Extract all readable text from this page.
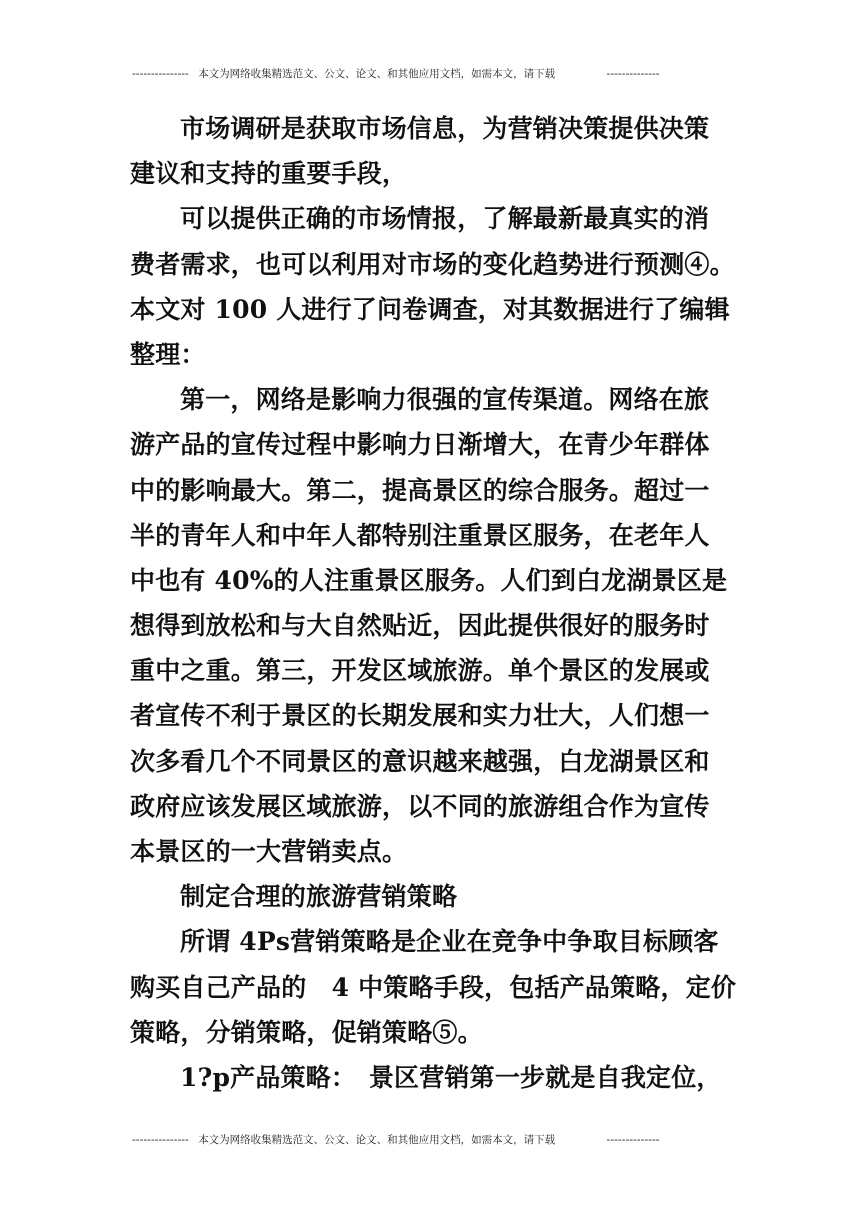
--------------- 本文为网络收集精选范文、公文、论文、和其他应用文档，如需本文，请下载	--------------
市场调研是获取市场信息，为营销决策提供决策
建议和支持的重要手段，
可以提供正确的市场情报，了解最新最真实的消
费者需求，也可以利用对市场的变化趋势进行预测④。
本文对 100 人进行了问卷调查，对其数据进行了编辑
整理：
第一，网络是影响力很强的宣传渠道。网络在旅
游产品的宣传过程中影响力日渐增大，在青少年群体
中的影响最大。第二，提高景区的综合服务。超过一
半的青年人和中年人都特别注重景区服务，在老年人
中也有 40%的人注重景区服务。人们到白龙湖景区是
想得到放松和与大自然贴近，因此提供很好的服务时
重中之重。第三，开发区域旅游。单个景区的发展或
者宣传不利于景区的长期发展和实力壮大，人们想一
次多看几个不同景区的意识越来越强，白龙湖景区和
政府应该发展区域旅游，以不同的旅游组合作为宣传
本景区的一大营销卖点。
制定合理的旅游营销策略
所谓 4Ps营销策略是企业在竞争中争取目标顾客
购买自己产品的　4 中策略手段，包括产品策略，定价
策略，分销策略，促销策略⑤。
1?p产品策略：　景区营销第一步就是自我定位，
--------------- 本文为网络收集精选范文、公文、论文、和其他应用文档，如需本文，请下载	--------------
